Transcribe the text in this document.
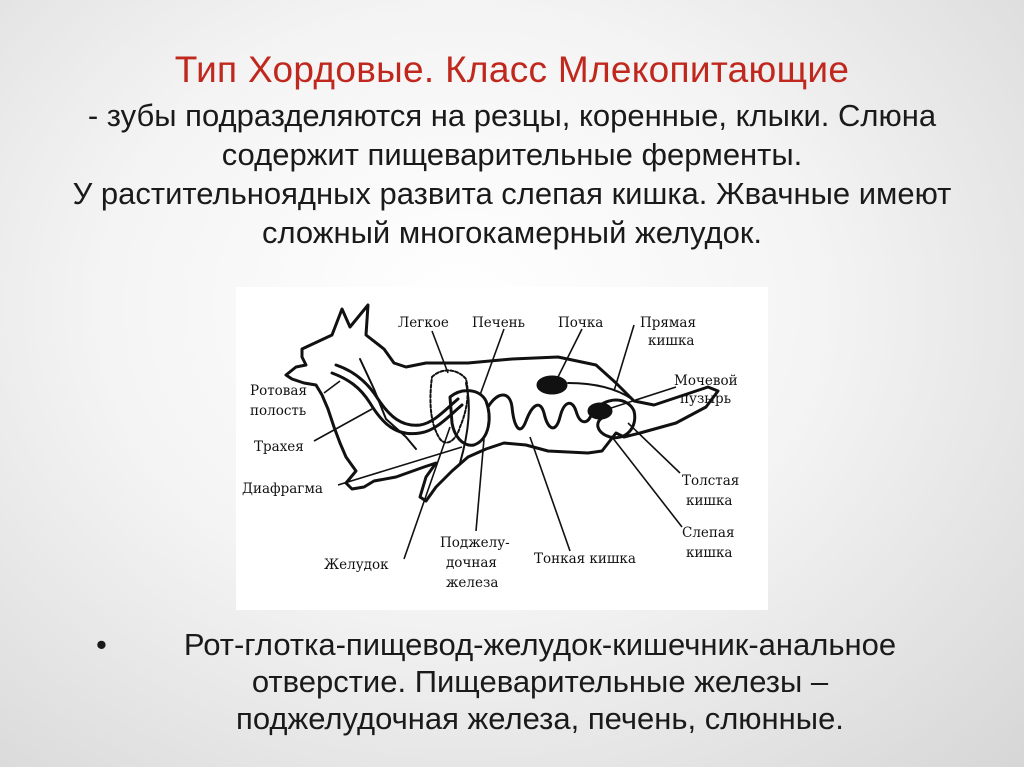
Тип Хордовые. Класс Млекопитающие
- зубы подразделяются на резцы, коренные, клыки. Слюна
содержит пищеварительные ферменты.
У растительноядных развита слепая кишка. Жвачные имеют
сложный многокамерный желудок.
Легкое Печень Почка	Прямая
кишка
Мочевой
пузырь
Ротовая
полость
Трахея
Диафрагма	Толстая
кишка
Слепая
кишка
Желудок
Поджелу-
дочная
железа
Тонкая кишка
•	Рот-глотка-пищевод-желудок-кишечник-анальное
отверстие. Пищеварительные железы –
поджелудочная железа, печень, слюнные.
